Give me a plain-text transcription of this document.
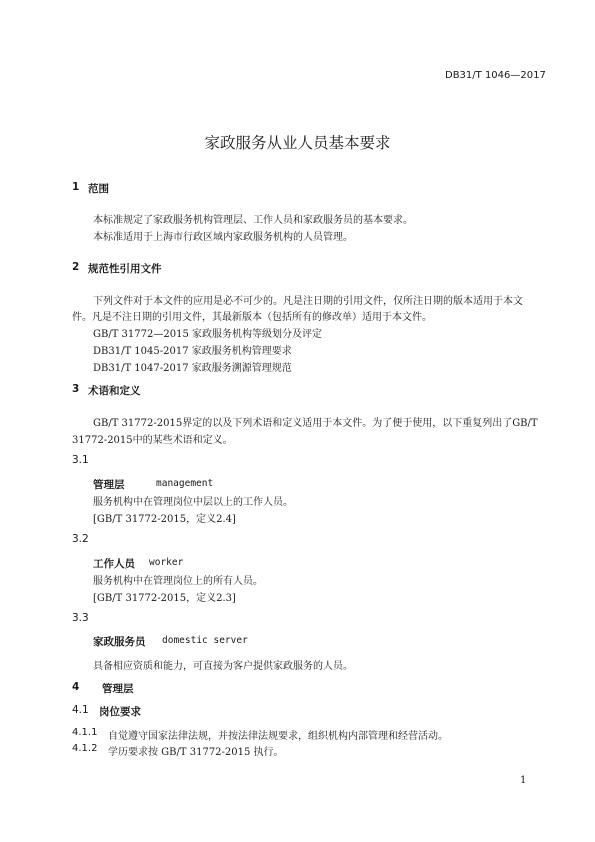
DB31/T 1046—2017
家政服务从业人员基本要求
1 范围
本标准规定了家政服务机构管理层、工作人员和家政服务员的基本要求。
本标准适用于上海市行政区域内家政服务机构的人员管理。
2 规范性引用文件
下列文件对于本文件的应用是必不可少的。凡是注日期的引用文件，仅所注日期的版本适用于本文
件。凡是不注日期的引用文件，其最新版本（包括所有的修改单）适用于本文件。
GB/T 31772—2015 家政服务机构等级划分及评定
DB31/T 1045-2017 家政服务机构管理要求
DB31/T 1047-2017 家政服务溯源管理规范
3 术语和定义
GB/T 31772-2015界定的以及下列术语和定义适用于本文件。为了便于使用，以下重复列出了GB/T
31772-2015中的某些术语和定义。
3.1
管理层	management
服务机构中在管理岗位中层以上的工作人员。
[GB/T 31772-2015，定义2.4]
3.2
工作人员 worker
服务机构中在管理岗位上的所有人员。
[GB/T 31772-2015，定义2.3]
3.3
家政服务员 domestic server
具备相应资质和能力，可直接为客户提供家政服务的人员。
4 管理层
4.1 岗位要求
4.1.1 自觉遵守国家法律法规，并按法律法规要求，组织机构内部管理和经营活动。
4.1.2 学历要求按 GB/T 31772-2015 执行。
1
